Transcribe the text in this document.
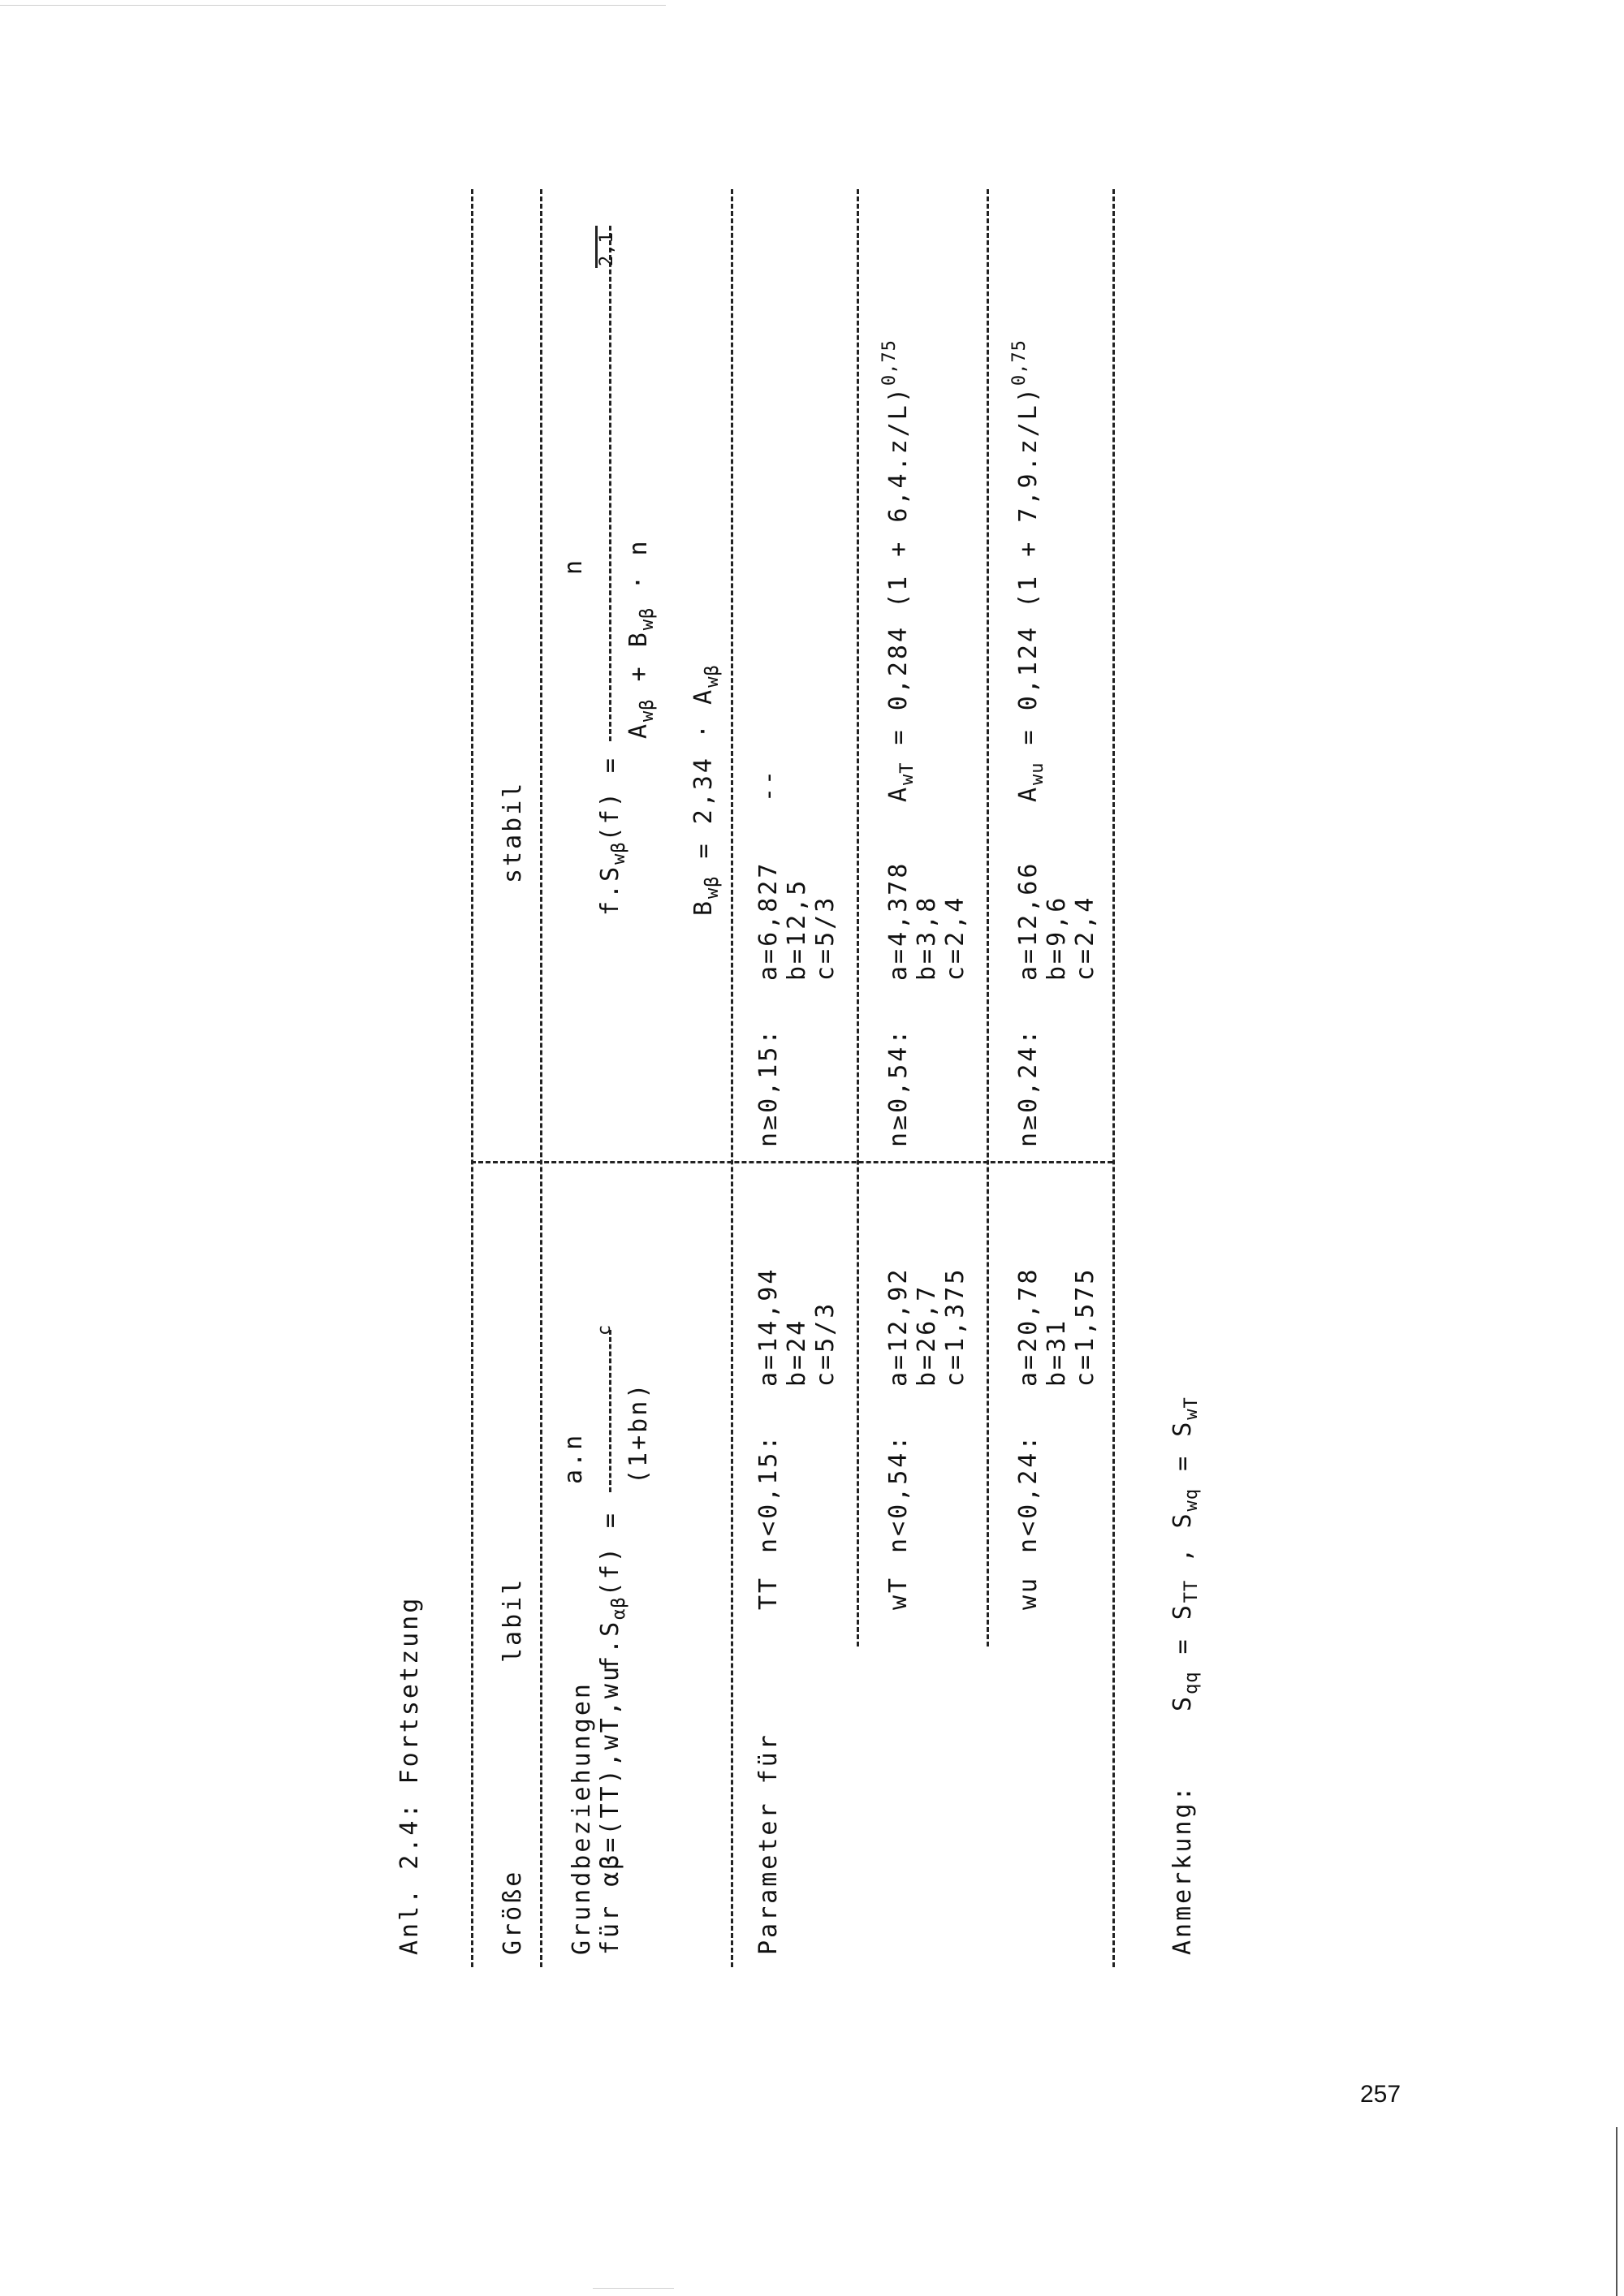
Anl. 2.4: Fortsetzung	Größe
labil
stabil
Grundbeziehungen für αβ=(TT),wT,wu
a.n
$f.S_{\alpha\beta}(f)$ =
(1+bn)
c
n
$f.S_{w\beta}(f)$ =
$A_{w\beta} + B_{w\beta} \cdot n$
2,1
$B_{w\beta} = 2,34 \cdot A_{w\beta}$
Parameter für
TT
n<0,15:
a=14,94 b=24 c=5/3
n≥0,15:
a=6,827 b=12,5 c=5/3
--
wT
n<0,54:
a=12,92 b=26,7 c=1,375
n≥0,54:
a=4,378 b=3,8 c=2,4
$A_{wT} = 0,284$ $(1 + 6,4.z/L)^{0,75}$
wu
n<0,24:
a=20,78 b=31 c=1,575
n≥0,24:
a=12,66 b=9,6 c=2,4
$A_{wu} = 0,124$ $(1 + 7,9.z/L)^{0,75}$
Anmerkung:
$S_{qq} = S_{TT}$ , $S_{wq} = S_{wT}$
257
